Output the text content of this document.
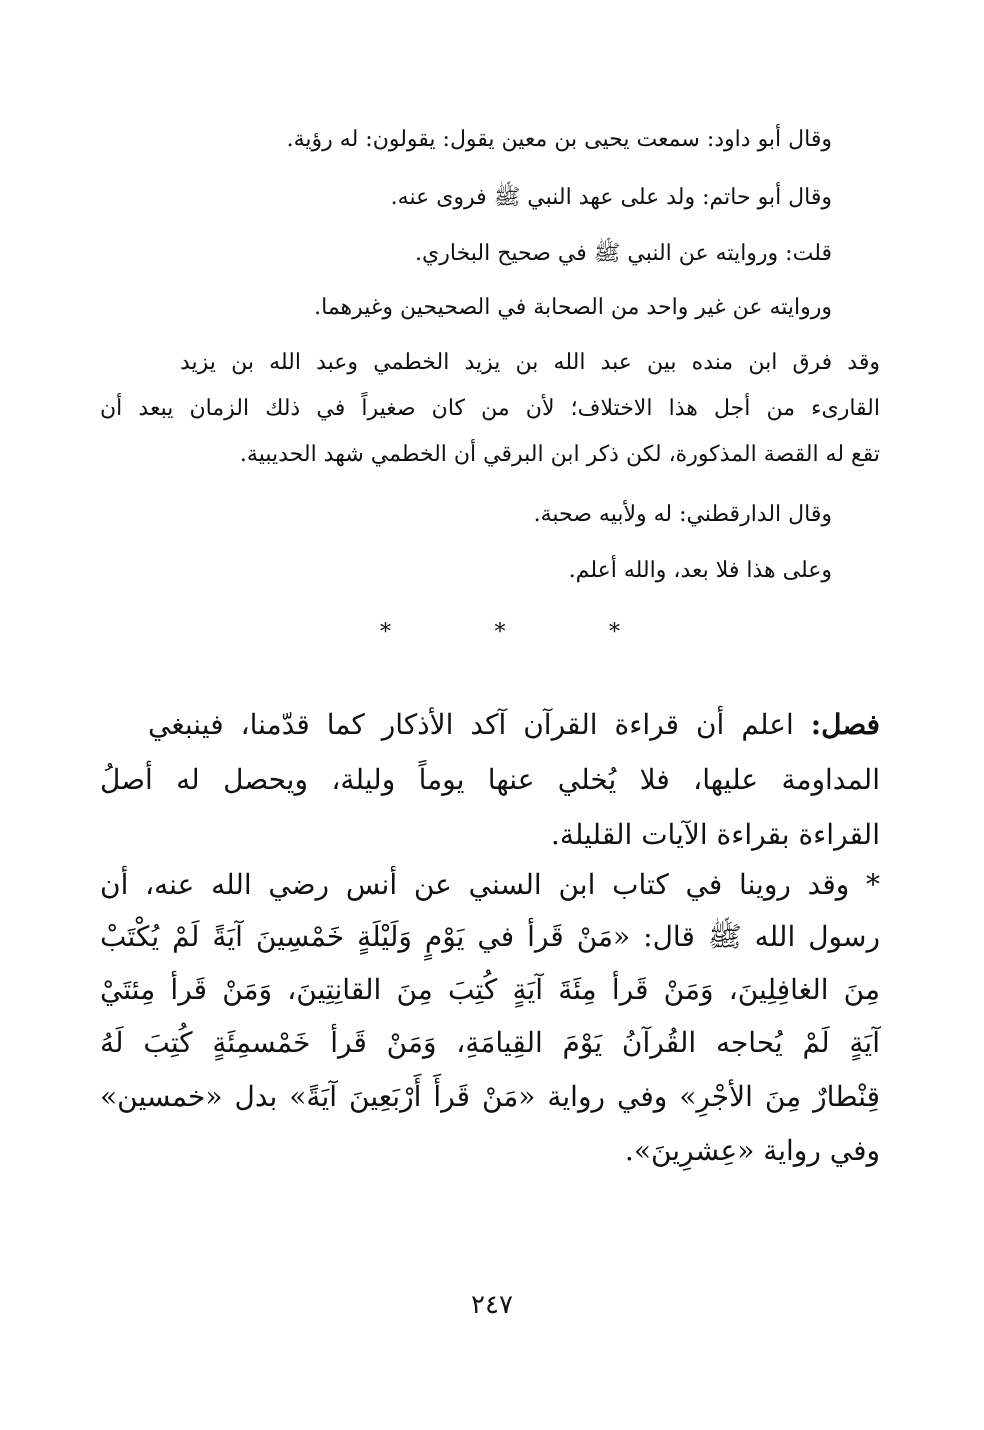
وقال أبو داود: سمعت يحيى بن معين يقول: يقولون: له رؤية.

وقال أبو حاتم: ولد على عهد النبي ﷺ فروى عنه.

قلت: وروايته عن النبي ﷺ في صحيح البخاري.

وروايته عن غير واحد من الصحابة في الصحيحين وغيرهما.

وقد فرق ابن منده بين عبد الله بن يزيد الخطمي وعبد الله بن يزيد

القارىء من أجل هذا الاختلاف؛ لأن من كان صغيراً في ذلك الزمان يبعد أن

تقع له القصة المذكورة، لكن ذكر ابن البرقي أن الخطمي شهد الحديبية.

وقال الدارقطني: له ولأبيه صحبة.

وعلى هذا فلا بعد، والله أعلم.

*	*	*

فصل: اعلم أن قراءة القرآن آكد الأذكار كما قدّمنا، فينبغي

المداومة عليها، فلا يُخلي عنها يوماً وليلة، ويحصل له أصلُ

القراءة بقراءة الآيات القليلة.

* وقد روينا في كتاب ابن السني عن أنس رضي الله عنه، أن

رسول الله ﷺ قال: «مَنْ قَرأ في يَوْمٍ وَلَيْلَةٍ خَمْسِينَ آيَةً لَمْ يُكْتَبْ

مِنَ الغافِلِينَ، وَمَنْ قَرأ مِئَةَ آيَةٍ كُتِبَ مِنَ القانِتِينَ، وَمَنْ قَرأ مِئتَيْ

آيَةٍ لَمْ يُحاجه القُرآنُ يَوْمَ القِيامَةِ، وَمَنْ قَرأ خَمْسمِئَةٍ كُتِبَ لَهُ

قِنْطارٌ مِنَ الأجْرِ» وفي رواية «مَنْ قَرأَ أَرْبَعِينَ آيَةً» بدل «خمسين»

وفي رواية «عِشرِينَ».

٢٤٧
